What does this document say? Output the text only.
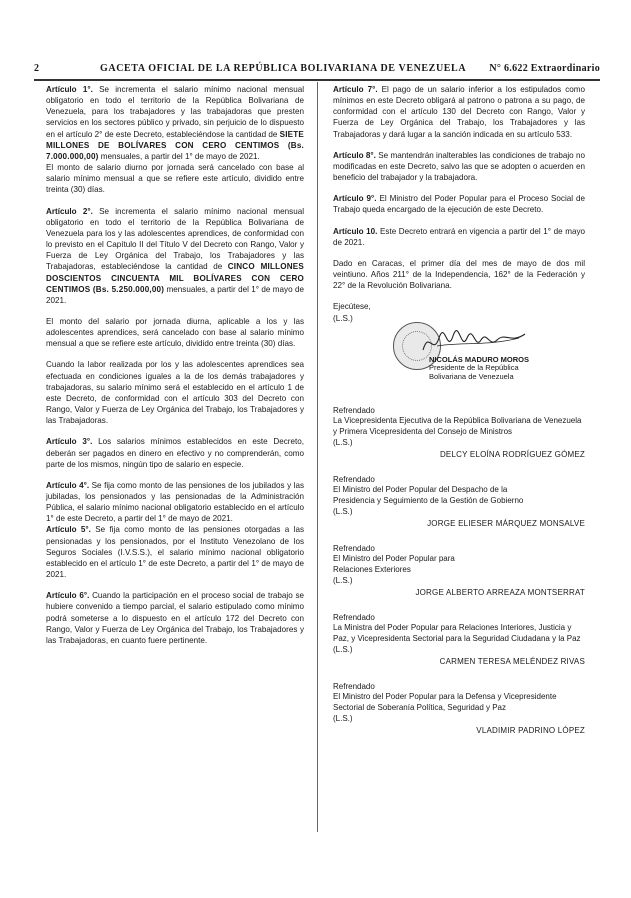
2	GACETA OFICIAL DE LA REPÚBLICA BOLIVARIANA DE VENEZUELA N° 6.622 Extraordinario

Artículo 1°. Se incrementa el salario mínimo nacional mensual obligatorio en todo el territorio de la República Bolivariana de Venezuela, para los trabajadores y las trabajadoras que presten servicios en los sectores público y privado, sin perjuicio de lo dispuesto en el artículo 2° de este Decreto, estableciéndose la cantidad de SIETE MILLONES DE BOLÍVARES CON CERO CENTIMOS (Bs. 7.000.000,00) mensuales, a partir del 1° de mayo de 2021.

El monto de salario diurno por jornada será cancelado con base al salario mínimo mensual a que se refiere este artículo, dividido entre treinta (30) días.

Artículo 2°. Se incrementa el salario mínimo nacional mensual obligatorio en todo el territorio de la República Bolivariana de Venezuela para los y las adolescentes aprendices, de conformidad con lo previsto en el Capítulo II del Título V del Decreto con Rango, Valor y Fuerza de Ley Orgánica del Trabajo, los Trabajadores y las Trabajadoras, estableciéndose la cantidad de CINCO MILLONES DOSCIENTOS CINCUENTA MIL BOLÍVARES CON CERO CENTIMOS (Bs. 5.250.000,00) mensuales, a partir del 1° de mayo de 2021.

El monto del salario por jornada diurna, aplicable a los y las adolescentes aprendices, será cancelado con base al salario mínimo mensual a que se refiere este artículo, dividido entre treinta (30) días.

Cuando la labor realizada por los y las adolescentes aprendices sea efectuada en condiciones iguales a la de los demás trabajadores y trabajadoras, su salario mínimo será el establecido en el artículo 1 de este Decreto, de conformidad con el artículo 303 del Decreto con Rango, Valor y Fuerza de Ley Orgánica del Trabajo, los Trabajadores y las Trabajadoras.

Artículo 3°. Los salarios mínimos establecidos en este Decreto, deberán ser pagados en dinero en efectivo y no comprenderán, como parte de los mismos, ningún tipo de salario en especie.

Artículo 4°. Se fija como monto de las pensiones de los jubilados y las jubiladas, los pensionados y las pensionadas de la Administración Pública, el salario mínimo nacional obligatorio establecido en el artículo 1° de este Decreto, a partir del 1° de mayo de 2021.

Artículo 5°. Se fija como monto de las pensiones otorgadas a las pensionadas y los pensionados, por el Instituto Venezolano de los Seguros Sociales (I.V.S.S.), el salario mínimo nacional obligatorio establecido en el artículo 1° de este Decreto, a partir del 1° de mayo de 2021.

Artículo 6°. Cuando la participación en el proceso social de trabajo se hubiere convenido a tiempo parcial, el salario estipulado como mínimo podrá someterse a lo dispuesto en el artículo 172 del Decreto con Rango, Valor y Fuerza de Ley Orgánica del Trabajo, los Trabajadores y las Trabajadoras, en cuanto fuere pertinente.

Artículo 7°. El pago de un salario inferior a los estipulados como mínimos en este Decreto obligará al patrono o patrona a su pago, de conformidad con el artículo 130 del Decreto con Rango, Valor y Fuerza de Ley Orgánica del Trabajo, los Trabajadores y las Trabajadoras y dará lugar a la sanción indicada en su artículo 533.

Artículo 8°. Se mantendrán inalterables las condiciones de trabajo no modificadas en este Decreto, salvo las que se adopten o acuerden en beneficio del trabajador y la trabajadora.

Artículo 9°. El Ministro del Poder Popular para el Proceso Social de Trabajo queda encargado de la ejecución de este Decreto.

Artículo 10. Este Decreto entrará en vigencia a partir del 1° de mayo de 2021.

Dado en Caracas, el primer día del mes de mayo de dos mil veintiuno. Años 211° de la Independencia, 162° de la Federación y 22° de la Revolución Bolivariana.

Ejecútese,
(L.S.)
NICOLÁS MADURO MOROS
Presidente de la República
Bolivariana de Venezuela
Refrendado
La Vicepresidenta Ejecutiva de la República Bolivariana de Venezuela y Primera Vicepresidenta del Consejo de Ministros
(L.S.)
DELCY ELOÍNA RODRÍGUEZ GÓMEZ
Refrendado
El Ministro del Poder Popular del Despacho de la Presidencia y Seguimiento de la Gestión de Gobierno
(L.S.)
JORGE ELIESER MÁRQUEZ MONSALVE
Refrendado
El Ministro del Poder Popular para Relaciones Exteriores
(L.S.)
JORGE ALBERTO ARREAZA MONTSERRAT
Refrendado
La Ministra del Poder Popular para Relaciones Interiores, Justicia y Paz, y Vicepresidenta Sectorial para la Seguridad Ciudadana y la Paz
(L.S.)
CARMEN TERESA MELÉNDEZ RIVAS
Refrendado
El Ministro del Poder Popular para la Defensa y Vicepresidente Sectorial de Soberanía Política, Seguridad y Paz
(L.S.)
VLADIMIR PADRINO LÓPEZ
